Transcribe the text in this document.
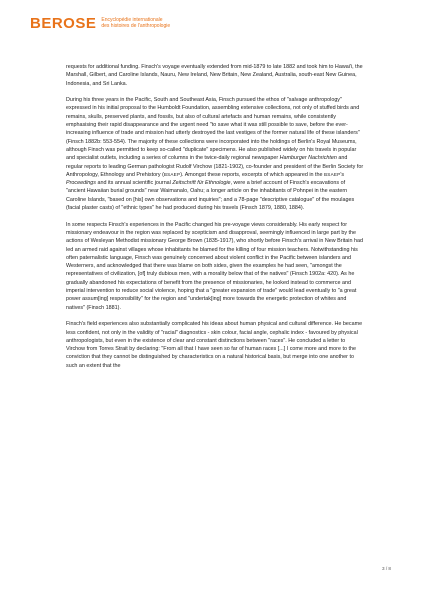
BEROSE Encyclopédie internationale
des histoires de l'anthropologie

requests for additional funding. Finsch's voyage eventually extended from mid-1879 to late 1882 and took him to Hawai'i, the Marshall, Gilbert, and Caroline Islands, Nauru, New Ireland, New Britain, New Zealand, Australia, south-east New Guinea, Indonesia, and Sri Lanka.

During his three years in the Pacific, South and Southeast Asia, Finsch pursued the ethos of "salvage anthropology" expressed in his initial proposal to the Humboldt Foundation, assembling extensive collections, not only of stuffed birds and remains, skulls, preserved plants, and fossils, but also of cultural artefacts and human remains, while consistently emphasising their rapid disappearance and the urgent need "to save what it was still possible to save, before the ever-increasing influence of trade and mission had utterly destroyed the last vestiges of the former natural life of these islanders" (Finsch 1882b: 553-554). The majority of these collections were incorporated into the holdings of Berlin's Royal Museums, although Finsch was permitted to keep so-called "duplicate" specimens. He also published widely on his travels in popular and specialist outlets, including a series of columns in the twice-daily regional newspaper Hamburger Nachrichten and regular reports to leading German pathologist Rudolf Virchow (1821-1902), co-founder and president of the Berlin Society for Anthropology, Ethnology and Prehistory (BSAEP). Amongst these reports, excerpts of which appeared in the BSAEP's Proceedings and its annual scientific journal Zeitschrift für Ethnologie, were a brief account of Finsch's excavations of "ancient Hawaiian burial grounds" near Waimanalo, Oahu; a longer article on the inhabitants of Pohnpei in the eastern Caroline Islands, "based on [his] own observations and inquiries"; and a 78-page "descriptive catalogue" of the moulages (facial plaster casts) of "ethnic types" he had produced during his travels (Finsch 1879, 1880, 1884).

In some respects Finsch's experiences in the Pacific changed his pre-voyage views considerably. His early respect for missionary endeavour in the region was replaced by scepticism and disapproval, seemingly influenced in large part by the actions of Wesleyan Methodist missionary George Brown (1835-1917), who shortly before Finsch's arrival in New Britain had led an armed raid against villages whose inhabitants he blamed for the killing of four mission teachers. Notwithstanding his often paternalistic language, Finsch was genuinely concerned about violent conflict in the Pacific between islanders and Westerners, and acknowledged that there was blame on both sides, given the examples he had seen, "amongst the representatives of civilization, [of] truly dubious men, with a morality below that of the natives" (Finsch 1902a: 420). As he gradually abandoned his expectations of benefit from the presence of missionaries, he looked instead to commerce and imperial intervention to reduce social violence, hoping that a "greater expansion of trade" would lead eventually to "a great power assum[ing] responsibility" for the region and "undertak[ing] more towards the energetic protection of whites and natives" (Finsch 1881).

Finsch's field experiences also substantially complicated his ideas about human physical and cultural difference. He became less confident, not only in the validity of "racial" diagnostics - skin colour, facial angle, cephalic index - favoured by physical anthropologists, but even in the existence of clear and constant distinctions between "races". He concluded a letter to Virchow from Torres Strait by declaring: "From all that I have seen so far of human races [...] I come more and more to the conviction that they cannot be distinguished by characteristics on a natural historical basis, but merge into one another to such an extent that the

3 / 8
